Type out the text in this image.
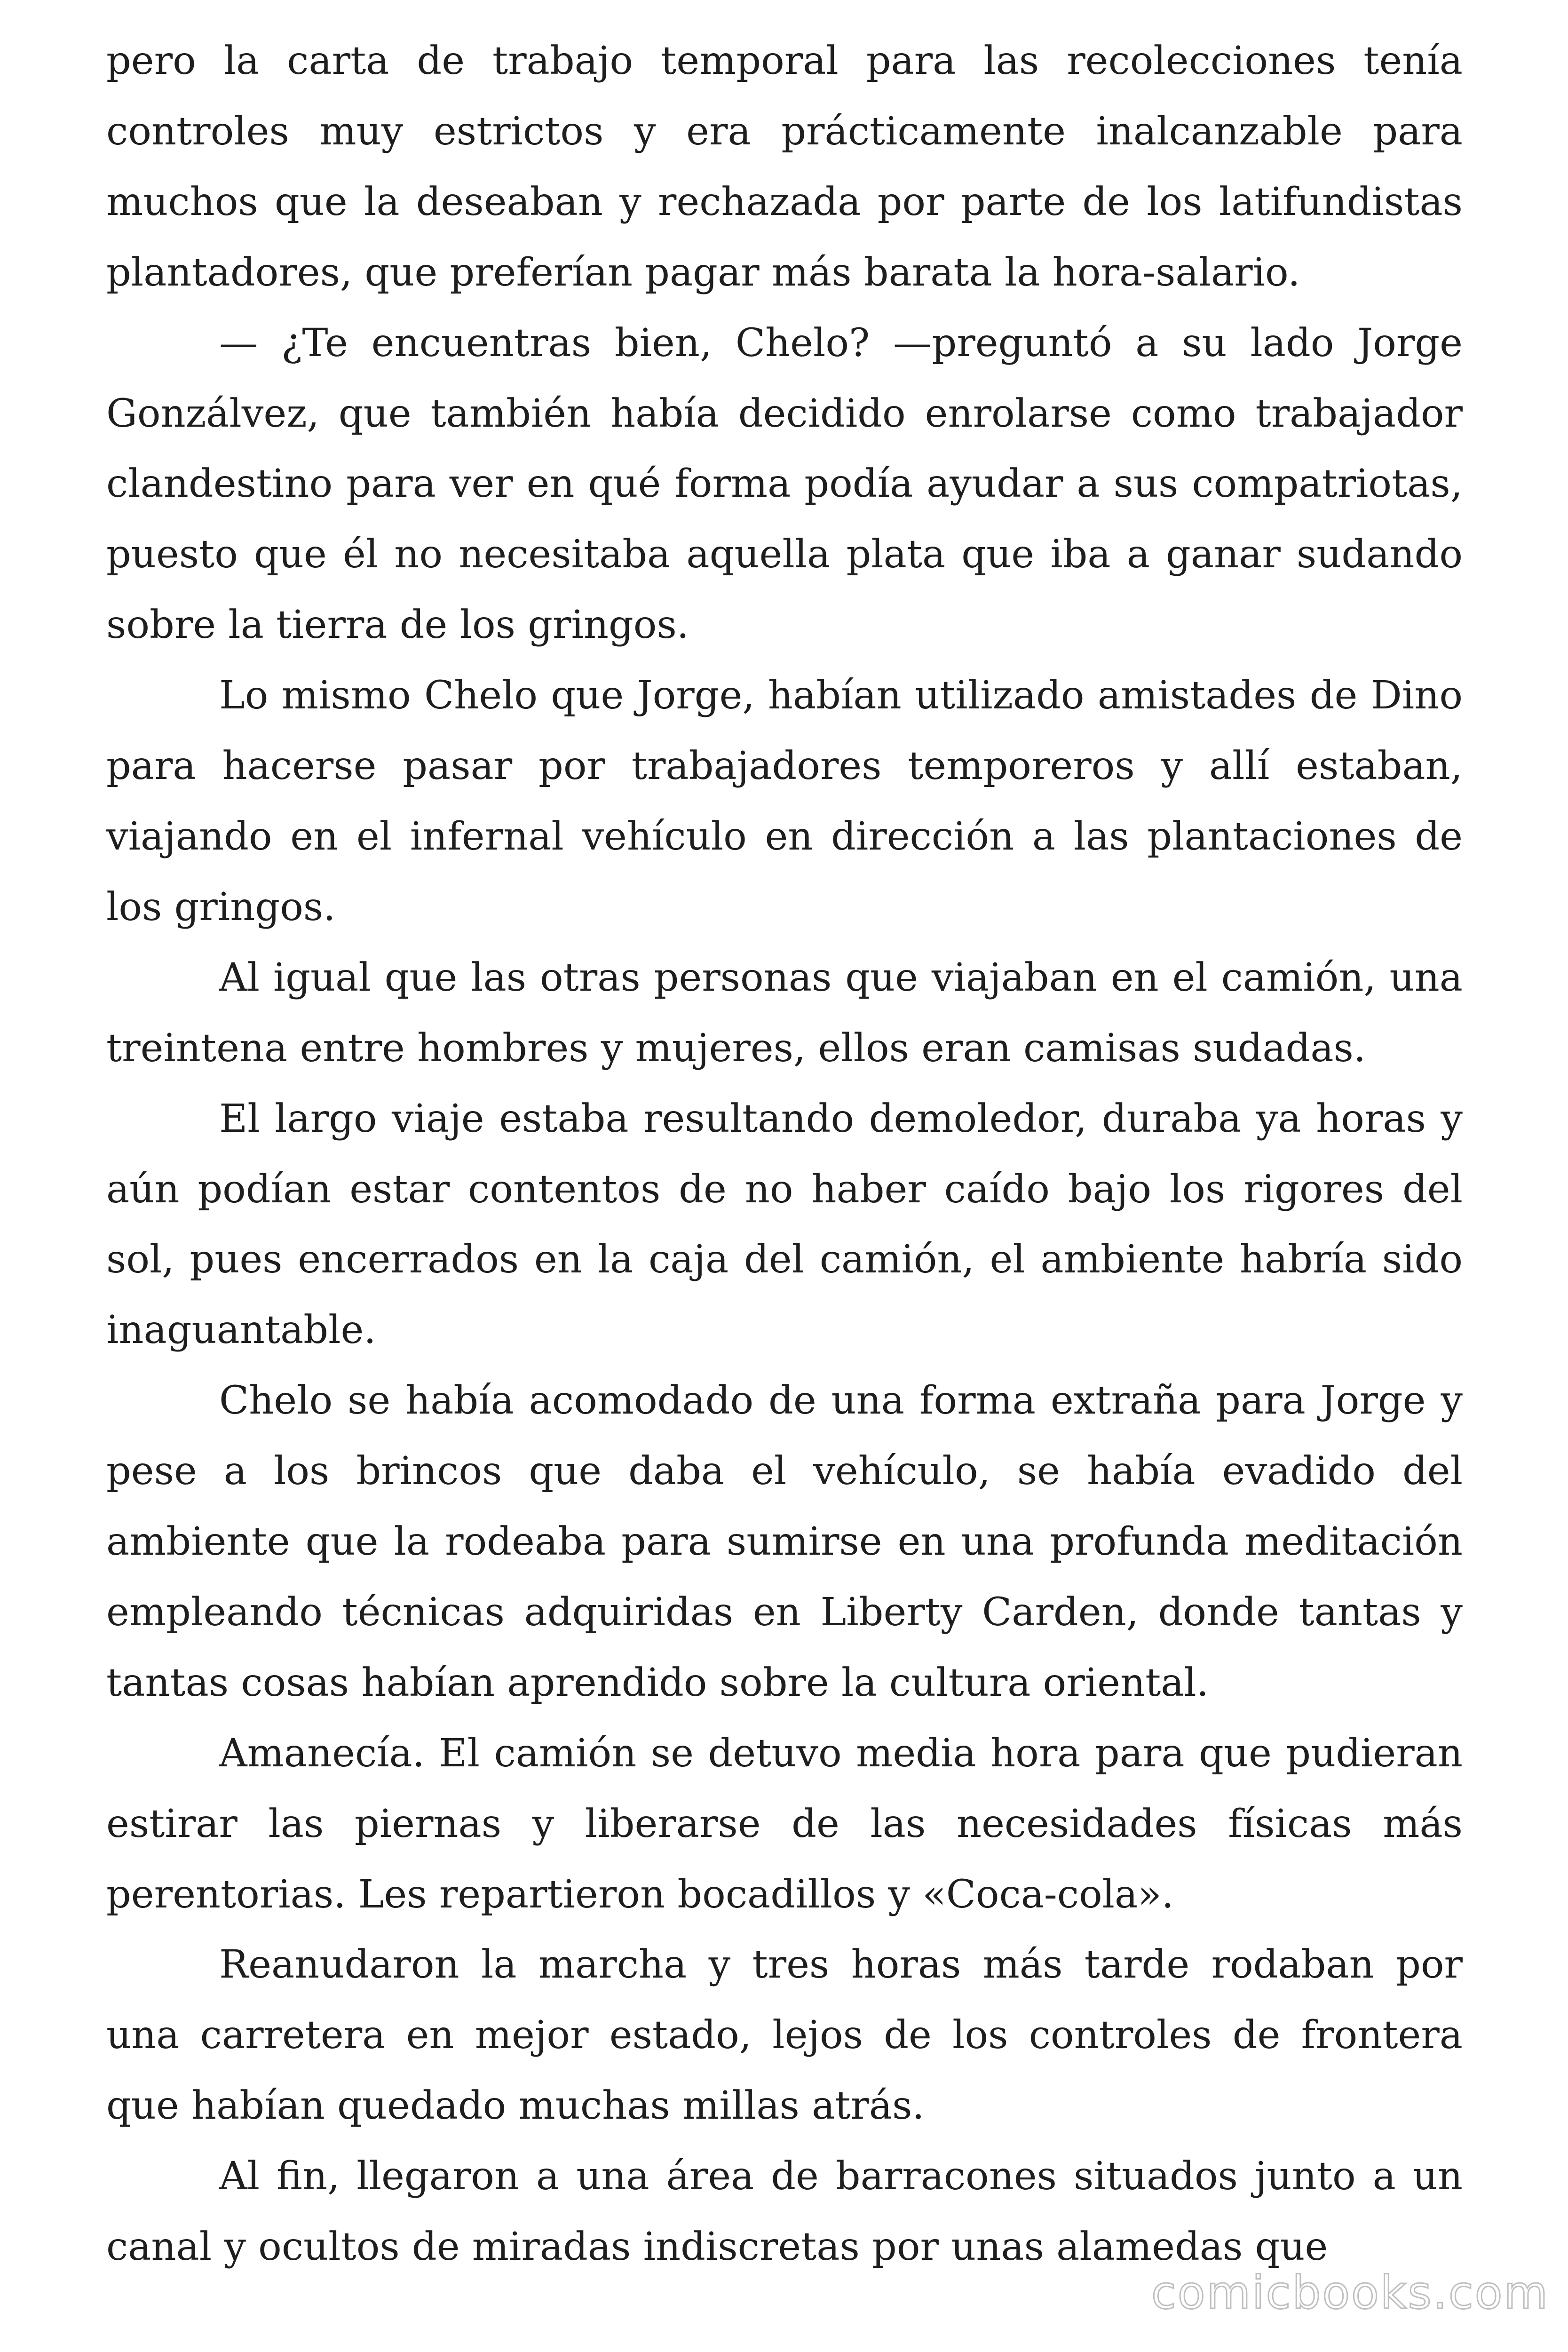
pero la carta de trabajo temporal para las recolecciones tenía controles muy estrictos y era prácticamente inalcanzable para muchos que la deseaban y rechazada por parte de los latifundistas plantadores, que preferían pagar más barata la hora-salario.

— ¿Te encuentras bien, Chelo? —preguntó a su lado Jorge Gonzálvez, que también había decidido enrolarse como trabajador clandestino para ver en qué forma podía ayudar a sus compatriotas, puesto que él no necesitaba aquella plata que iba a ganar sudando sobre la tierra de los gringos.

Lo mismo Chelo que Jorge, habían utilizado amistades de Dino para hacerse pasar por trabajadores temporeros y allí estaban, viajando en el infernal vehículo en dirección a las plantaciones de los gringos.

Al igual que las otras personas que viajaban en el camión, una treintena entre hombres y mujeres, ellos eran camisas sudadas.

El largo viaje estaba resultando demoledor, duraba ya horas y aún podían estar contentos de no haber caído bajo los rigores del sol, pues encerrados en la caja del camión, el ambiente habría sido inaguantable.

Chelo se había acomodado de una forma extraña para Jorge y pese a los brincos que daba el vehículo, se había evadido del ambiente que la rodeaba para sumirse en una profunda meditación empleando técnicas adquiridas en Liberty Carden, donde tantas y tantas cosas habían aprendido sobre la cultura oriental.

Amanecía. El camión se detuvo media hora para que pudieran estirar las piernas y liberarse de las necesidades físicas más perentorias. Les repartieron bocadillos y «Coca-cola».

Reanudaron la marcha y tres horas más tarde rodaban por una carretera en mejor estado, lejos de los controles de frontera que habían quedado muchas millas atrás.

Al fin, llegaron a una área de barracones situados junto a un canal y ocultos de miradas indiscretas por unas alamedas que

comicbooks.com
